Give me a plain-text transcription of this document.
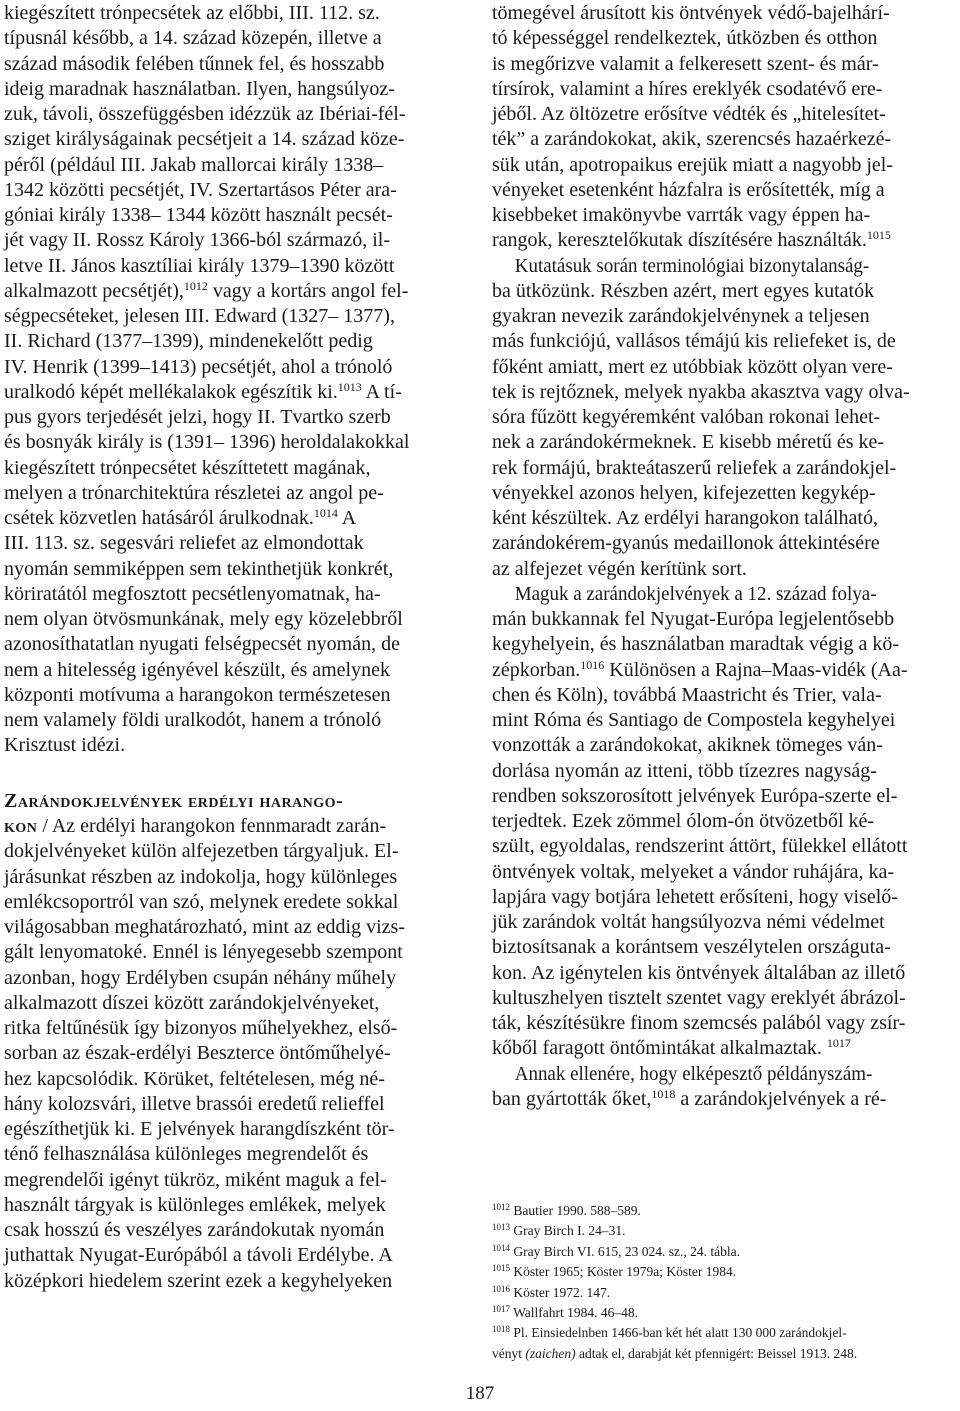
kiegészített trónpecsétek az előbbi, III. 112. sz.
típusnál később, a 14. század közepén, illetve a
század második felében tűnnek fel, és hosszabb
ideig maradnak használatban. Ilyen, hangsúlyoz-
zuk, távoli, összefüggésben idézzük az Ibériai-fél-
sziget királyságainak pecsétjeit a 14. század köze-
péről (például III. Jakab mallorcai király 1338–
1342 közötti pecsétjét, IV. Szertartásos Péter ara-
góniai király 1338– 1344 között használt pecsét-
jét vagy II. Rossz Károly 1366-ból származó, il-
letve II. János kasztíliai király 1379–1390 között
alkalmazott pecsétjét),$^{1012}$ vagy a kortárs angol fel-
ségpecséteket, jelesen III. Edward (1327– 1377),
II. Richard (1377–1399), mindenekelőtt pedig
IV. Henrik (1399–1413) pecsétjét, ahol a trónoló
uralkodó képét mellékalakok egészítik ki.$^{1013}$ A tí-
pus gyors terjedését jelzi, hogy II. Tvartko szerb
és bosnyák király is (1391– 1396) heroldalakokkal
kiegészített trónpecsétet készíttetett magának,
melyen a trónarchitektúra részletei az angol pe-
csétek közvetlen hatásáról árulkodnak.$^{1014}$ A
III. 113. sz. segesvári reliefet az elmondottak
nyomán semmiképpen sem tekinthetjük konkrét,
köriratától megfosztott pecsétlenyomatnak, ha-
nem olyan ötvösmunkának, mely egy közelebbről
azonosíthatatlan nyugati felségpecsét nyomán, de
nem a hitelesség igényével készült, és amelynek
központi motívuma a harangokon természetesen
nem valamely földi uralkodót, hanem a trónoló
Krisztust idézi.
Zarándokjelvények erdélyi harango-
kon / Az erdélyi harangokon fennmaradt zarán-
dokjelvényeket külön alfejezetben tárgyaljuk. El-
járásunkat részben az indokolja, hogy különleges
emlékcsoportról van szó, melynek eredete sokkal
világosabban meghatározható, mint az eddig vizs-
gált lenyomatoké. Ennél is lényegesebb szempont
azonban, hogy Erdélyben csupán néhány műhely
alkalmazott díszei között zarándokjelvényeket,
ritka feltűnésük így bizonyos műhelyekhez, első-
sorban az észak-erdélyi Beszterce öntőműhelyé-
hez kapcsolódik. Körüket, feltételesen, még né-
hány kolozsvári, illetve brassói eredetű relieffel
egészíthetjük ki. E jelvények harangdíszként tör-
ténő felhasználása különleges megrendelőt és
megrendelői igényt tükröz, miként maguk a fel-
használt tárgyak is különleges emlékek, melyek
csak hosszú és veszélyes zarándokutak nyomán
juthattak Nyugat-Európából a távoli Erdélybe. A
középkori hiedelem szerint ezek a kegyhelyeken
tömegével árusított kis öntvények védő-bajelhárí-
tó képességgel rendelkeztek, útközben és otthon
is megőrizve valamit a felkeresett szent- és már-
tírsírok, valamint a híres ereklyék csodatévő ere-
jéből. Az öltözetre erősítve védték és „hitelesítet-
ték” a zarándokokat, akik, szerencsés hazaérkezé-
sük után, apotropaikus erejük miatt a nagyobb jel-
vényeket esetenként házfalra is erősítették, míg a
kisebbeket imakönyvbe varrták vagy éppen ha-
rangok, keresztelőkutak díszítésére használták.$^{1015}$
Kutatásuk során terminológiai bizonytalanság-
ba ütközünk. Részben azért, mert egyes kutatók
gyakran nevezik zarándokjelvénynek a teljesen
más funkciójú, vallásos témájú kis reliefeket is, de
főként amiatt, mert ez utóbbiak között olyan vere-
tek is rejtőznek, melyek nyakba akasztva vagy olva-
sóra fűzött kegyéremként valóban rokonai lehet-
nek a zarándokérmeknek. E kisebb méretű és ke-
rek formájú, brakteátaszerű reliefek a zarándokjel-
vényekkel azonos helyen, kifejezetten kegykép-
ként készültek. Az erdélyi harangokon található,
zarándokérem-gyanús medaillonok áttekintésére
az alfejezet végén kerítünk sort.
Maguk a zarándokjelvények a 12. század folya-
mán bukkannak fel Nyugat-Európa legjelentősebb
kegyhelyein, és használatban maradtak végig a kö-
zépkorban.$^{1016}$ Különösen a Rajna–Maas-vidék (Aa-
chen és Köln), továbbá Maastricht és Trier, vala-
mint Róma és Santiago de Compostela kegyhelyei
vonzották a zarándokokat, akiknek tömeges ván-
dorlása nyomán az itteni, több tízezres nagyság-
rendben sokszorosított jelvények Európa-szerte el-
terjedtek. Ezek zömmel ólom-ón ötvözetből ké-
szült, egyoldalas, rendszerint áttört, fülekkel ellátott
öntvények voltak, melyeket a vándor ruhájára, ka-
lapjára vagy botjára lehetett erősíteni, hogy viselő-
jük zarándok voltát hangsúlyozva némi védelmet
biztosítsanak a korántsem veszélytelen országutа-
kon. Az igénytelen kis öntvények általában az illető
kultuszhelyen tisztelt szentet vagy ereklyét ábrázol-
ták, készítésükre finom szemcsés palából vagy zsír-
kőből faragott öntőmintákat alkalmaztak. $^{1017}$
Annak ellenére, hogy elképesztő példányszám-
ban gyártották őket,$^{1018}$ a zarándokjelvények a ré-
$^{1012}$ Bautier 1990. 588–589.
$^{1013}$ Gray Birch I. 24–31.
$^{1014}$ Gray Birch VI. 615, 23 024. sz., 24. tábla.
$^{1015}$ Köster 1965; Köster 1979a; Köster 1984.
$^{1016}$ Köster 1972. 147.
$^{1017}$ Wallfahrt 1984. 46–48.
$^{1018}$ Pl. Einsiedelnben 1466-ban két hét alatt 130 000 zarándokjel-
vényt (zaichen) adtak el, darabját két pfennigért: Beissel 1913. 248.
187
